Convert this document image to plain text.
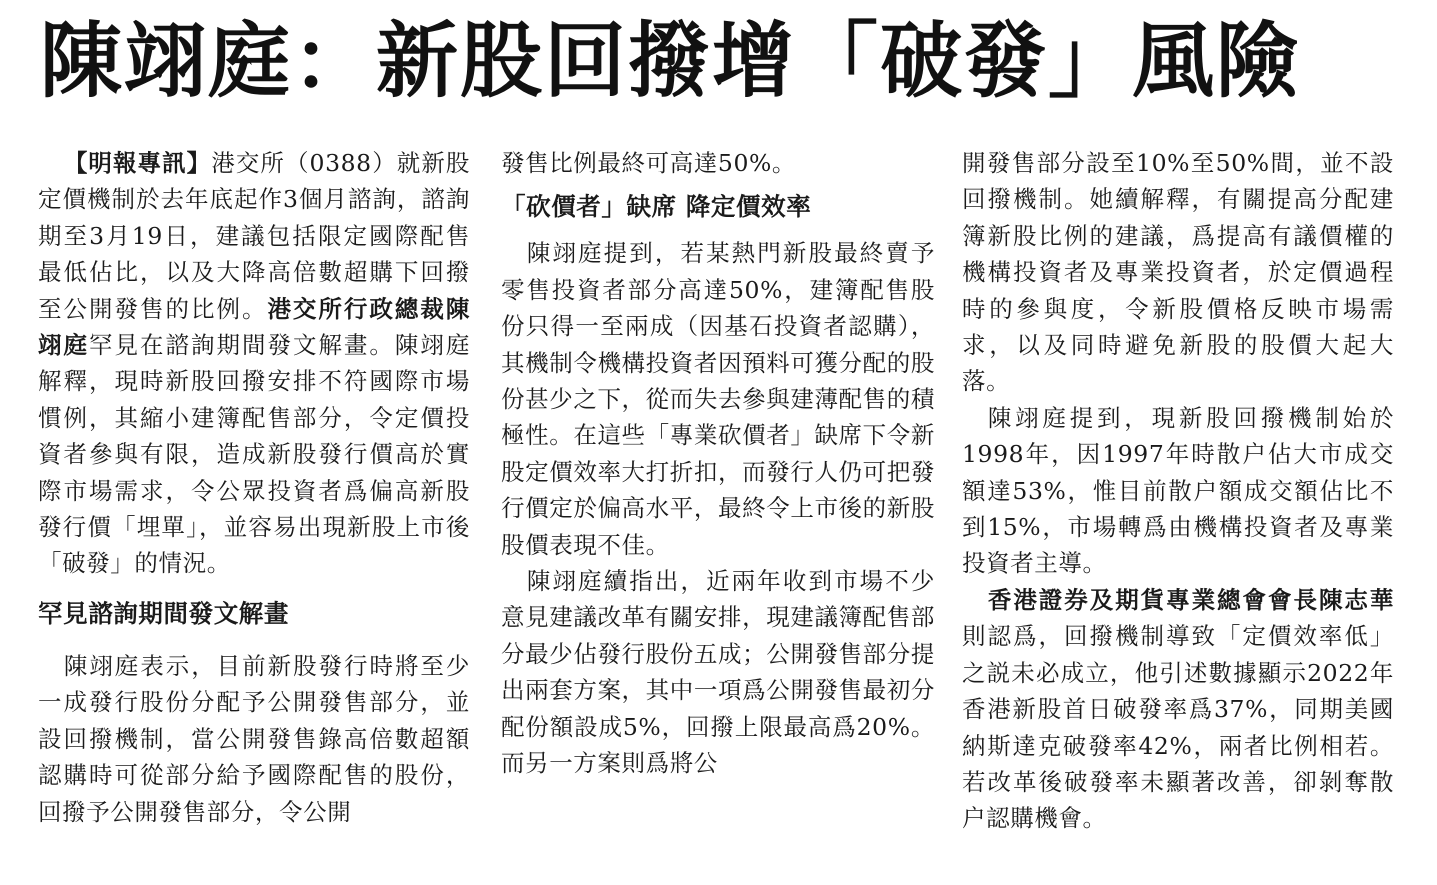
陳翊庭：新股回撥增「破發」風險

【明報專訊】港交所（0388）就新股定價機制於去年底起作3個月諮詢，諮詢期至3月19日，建議包括限定國際配售最低佔比，以及大降高倍數超購下回撥至公開發售的比例。港交所行政總裁陳翊庭罕見在諮詢期間發文解畫。陳翊庭解釋，現時新股回撥安排不符國際市場慣例，其縮小建簿配售部分，令定價投資者參與有限，造成新股發行價高於實際市場需求，令公眾投資者爲偏高新股發行價「埋單」，並容易出現新股上市後「破發」的情況。

罕見諮詢期間發文解畫

陳翊庭表示，目前新股發行時將至少一成發行股份分配予公開發售部分，並設回撥機制，當公開發售錄高倍數超額認購時可從部分給予國際配售的股份，回撥予公開發售部分，令公開

發售比例最終可高達50%。

「砍價者」缺席 降定價效率

陳翊庭提到，若某熱門新股最終賣予零售投資者部分高達50%，建簿配售股份只得一至兩成（因基石投資者認購），其機制令機構投資者因預料可獲分配的股份甚少之下，從而失去參與建薄配售的積極性。在這些「專業砍價者」缺席下令新股定價效率大打折扣，而發行人仍可把發行價定於偏高水平，最終令上市後的新股股價表現不佳。

陳翊庭續指出，近兩年收到市場不少意見建議改革有關安排，現建議簿配售部分最少佔發行股份五成；公開發售部分提出兩套方案，其中一項爲公開發售最初分配份額設成5%，回撥上限最高爲20%。而另一方案則爲將公

開發售部分設至10%至50%間，並不設回撥機制。她續解釋，有關提高分配建簿新股比例的建議，爲提高有議價權的機構投資者及專業投資者，於定價過程時的參與度，令新股價格反映市場需求，以及同時避免新股的股價大起大落。

陳翊庭提到，現新股回撥機制始於1998年，因1997年時散户佔大市成交額達53%，惟目前散户額成交額佔比不到15%，市場轉爲由機構投資者及專業投資者主導。

香港證券及期貨專業總會會長陳志華則認爲，回撥機制導致「定價效率低」之説未必成立，他引述數據顯示2022年香港新股首日破發率爲37%，同期美國納斯達克破發率42%，兩者比例相若。若改革後破發率未顯著改善，卻剝奪散户認購機會。
